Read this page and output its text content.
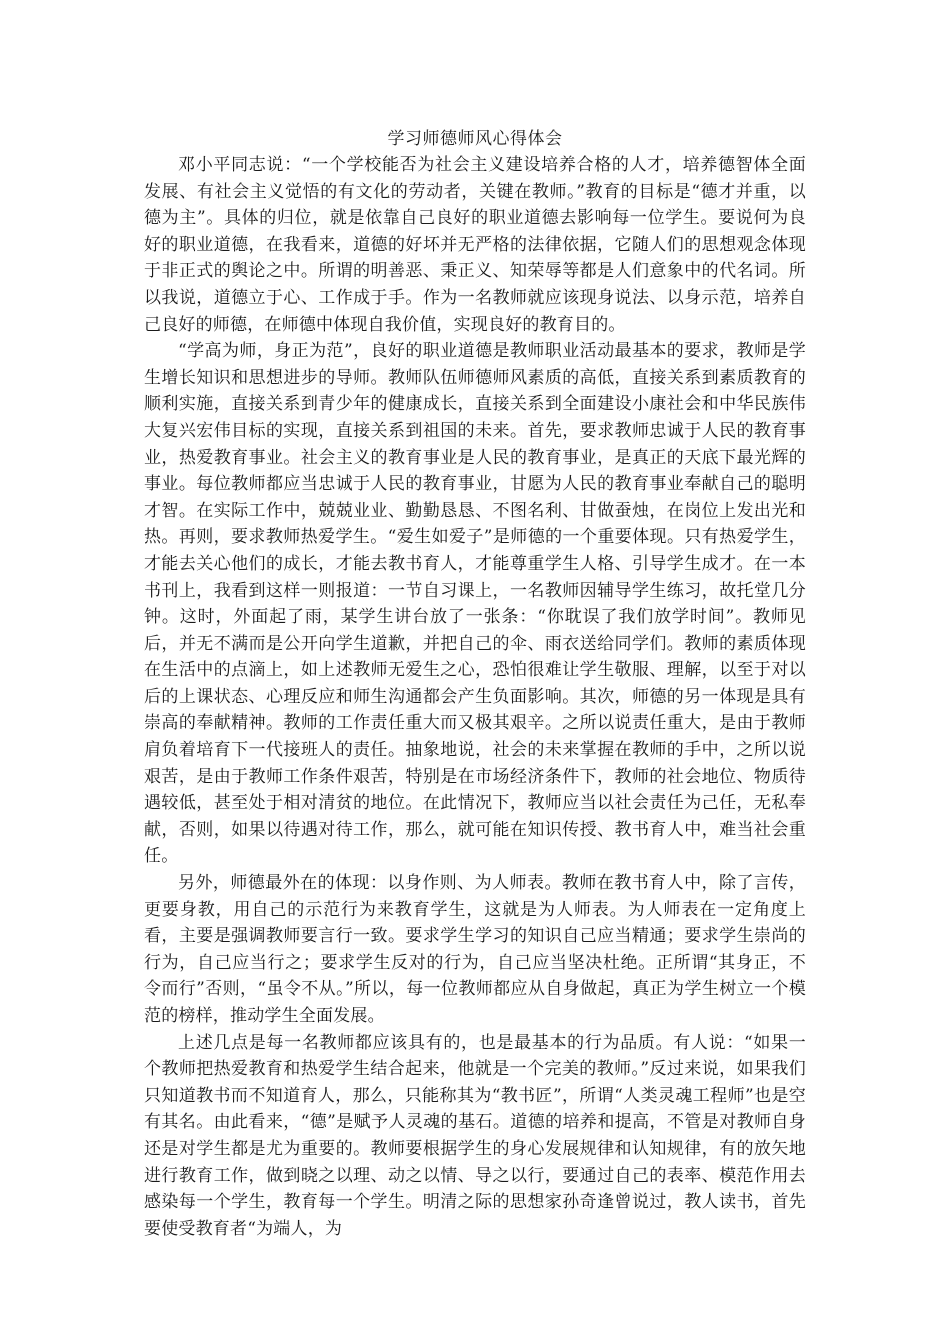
学习师德师风心得体会

邓小平同志说：“一个学校能否为社会主义建设培养合格的人才，培养德智体全面发展、有社会主义觉悟的有文化的劳动者，关键在教师。”教育的目标是“德才并重，以德为主”。具体的归位，就是依靠自己良好的职业道德去影响每一位学生。要说何为良好的职业道德，在我看来，道德的好坏并无严格的法律依据，它随人们的思想观念体现于非正式的舆论之中。所谓的明善恶、秉正义、知荣辱等都是人们意象中的代名词。所以我说，道德立于心、工作成于手。作为一名教师就应该现身说法、以身示范，培养自己良好的师德，在师德中体现自我价值，实现良好的教育目的。

“学高为师，身正为范”，良好的职业道德是教师职业活动最基本的要求，教师是学生增长知识和思想进步的导师。教师队伍师德师风素质的高低，直接关系到素质教育的顺利实施，直接关系到青少年的健康成长，直接关系到全面建设小康社会和中华民族伟大复兴宏伟目标的实现，直接关系到祖国的未来。首先，要求教师忠诚于人民的教育事业，热爱教育事业。社会主义的教育事业是人民的教育事业，是真正的天底下最光辉的事业。每位教师都应当忠诚于人民的教育事业，甘愿为人民的教育事业奉献自己的聪明才智。在实际工作中，兢兢业业、勤勤恳恳、不图名利、甘做蚕烛，在岗位上发出光和热。再则，要求教师热爱学生。“爱生如爱子”是师德的一个重要体现。只有热爱学生，才能去关心他们的成长，才能去教书育人，才能尊重学生人格、引导学生成才。在一本书刊上，我看到这样一则报道：一节自习课上，一名教师因辅导学生练习，故托堂几分钟。这时，外面起了雨，某学生讲台放了一张条：“你耽误了我们放学时间”。教师见后，并无不满而是公开向学生道歉，并把自己的伞、雨衣送给同学们。教师的素质体现在生活中的点滴上，如上述教师无爱生之心，恐怕很难让学生敬服、理解，以至于对以后的上课状态、心理反应和师生沟通都会产生负面影响。其次，师德的另一体现是具有崇高的奉献精神。教师的工作责任重大而又极其艰辛。之所以说责任重大，是由于教师肩负着培育下一代接班人的责任。抽象地说，社会的未来掌握在教师的手中，之所以说艰苦，是由于教师工作条件艰苦，特别是在市场经济条件下，教师的社会地位、物质待遇较低，甚至处于相对清贫的地位。在此情况下，教师应当以社会责任为己任，无私奉献，否则，如果以待遇对待工作，那么，就可能在知识传授、教书育人中，难当社会重任。

另外，师德最外在的体现：以身作则、为人师表。教师在教书育人中，除了言传，更要身教，用自己的示范行为来教育学生，这就是为人师表。为人师表在一定角度上看，主要是强调教师要言行一致。要求学生学习的知识自己应当精通；要求学生崇尚的行为，自己应当行之；要求学生反对的行为，自己应当坚决杜绝。正所谓“其身正，不令而行”否则，“虽令不从。”所以，每一位教师都应从自身做起，真正为学生树立一个模范的榜样，推动学生全面发展。

上述几点是每一名教师都应该具有的，也是最基本的行为品质。有人说：“如果一个教师把热爱教育和热爱学生结合起来，他就是一个完美的教师。”反过来说，如果我们只知道教书而不知道育人，那么，只能称其为“教书匠”，所谓“人类灵魂工程师”也是空有其名。由此看来，“德”是赋予人灵魂的基石。道德的培养和提高，不管是对教师自身还是对学生都是尤为重要的。教师要根据学生的身心发展规律和认知规律，有的放矢地进行教育工作，做到晓之以理、动之以情、导之以行，要通过自己的表率、模范作用去感染每一个学生，教育每一个学生。明清之际的思想家孙奇逢曾说过，教人读书，首先要使受教育者“为端人，为
